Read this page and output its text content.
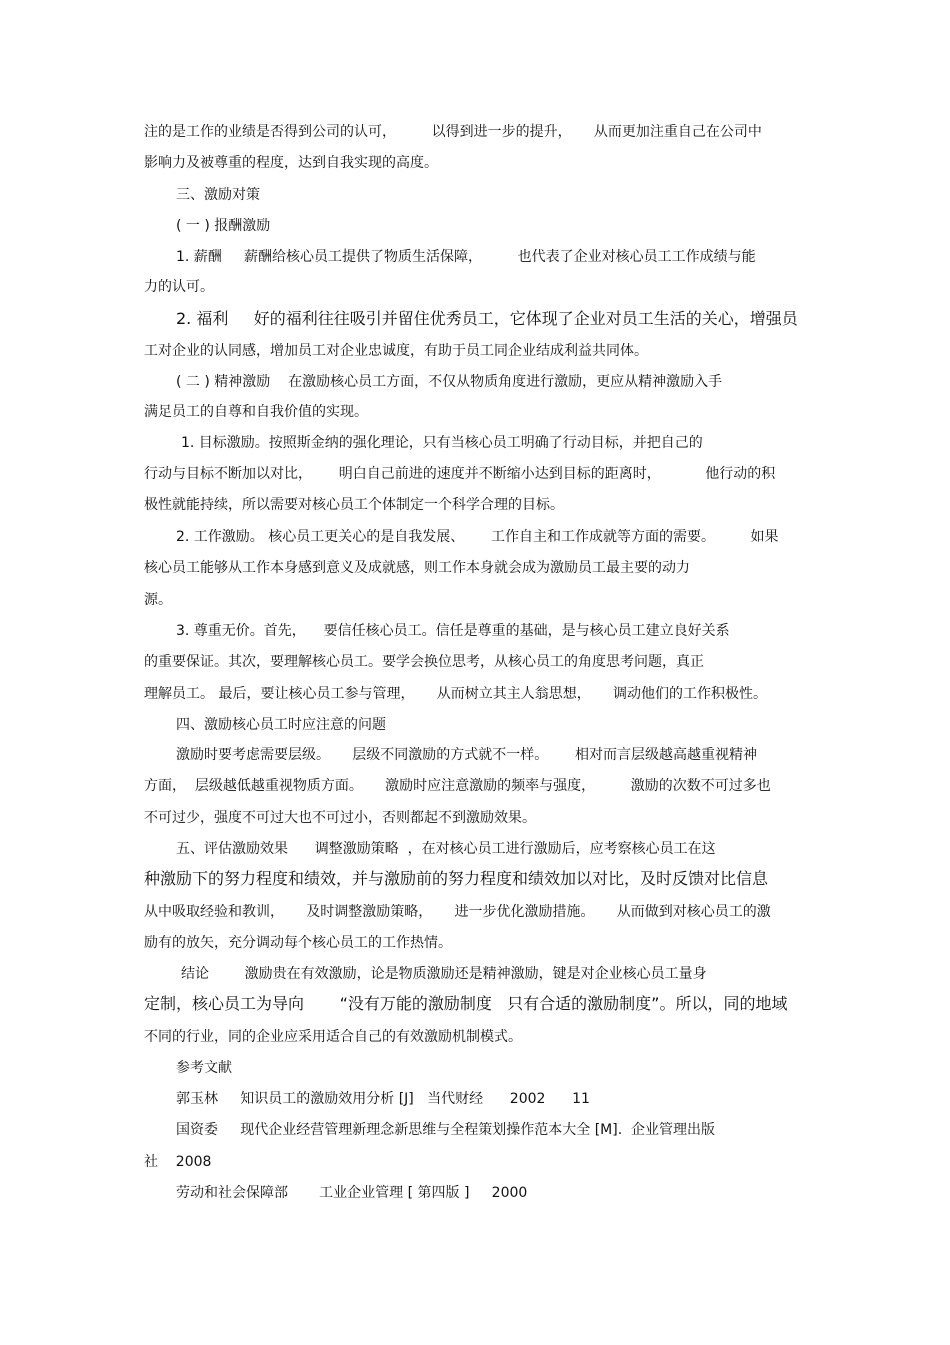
注的是工作的业绩是否得到公司的认可，        以得到进一步的提升，     从而更加注重自己在公司中
影响力及被尊重的程度，达到自我实现的高度。
三、激励对策
( 一 ) 报酬激励
1. 薪酬     薪酬给核心员工提供了物质生活保障，        也代表了企业对核心员工工作成绩与能
力的认可。
2. 福利     好的福利往往吸引并留住优秀员工，它体现了企业对员工生活的关心，增强员
工对企业的认同感，增加员工对企业忠诚度，有助于员工同企业结成利益共同体。
( 二 ) 精神激励    在激励核心员工方面，不仅从物质角度进行激励，更应从精神激励入手
满足员工的自尊和自我价值的实现。
1. 目标激励。按照斯金纳的强化理论，只有当核心员工明确了行动目标，并把自己的
行动与目标不断加以对比，      明白自己前进的速度并不断缩小达到目标的距离时，          他行动的积
极性就能持续，所以需要对核心员工个体制定一个科学合理的目标。
2. 工作激励。 核心员工更关心的是自我发展、      工作自主和工作成就等方面的需要。        如果
核心员工能够从工作本身感到意义及成就感，则工作本身就会成为激励员工最主要的动力
源。
3. 尊重无价。首先，    要信任核心员工。信任是尊重的基础，是与核心员工建立良好关系
的重要保证。其次，要理解核心员工。要学会换位思考，从核心员工的角度思考问题，真正
理解员工。 最后，要让核心员工参与管理，     从而树立其主人翁思想，     调动他们的工作积极性。
四、激励核心员工时应注意的问题
激励时要考虑需要层级。     层级不同激励的方式就不一样。      相对而言层级越高越重视精神
方面，  层级越低越重视物质方面。     激励时应注意激励的频率与强度，        激励的次数不可过多也
不可过少，强度不可过大也不可过小，否则都起不到激励效果。
五、评估激励效果      调整激励策略  ，在对核心员工进行激励后，应考察核心员工在这
种激励下的努力程度和绩效，并与激励前的努力程度和绩效加以对比，及时反馈对比信息
从中吸取经验和教训，     及时调整激励策略，     进一步优化激励措施。     从而做到对核心员工的激
励有的放矢，充分调动每个核心员工的工作热情。
结论        激励贵在有效激励，论是物质激励还是精神激励，键是对企业核心员工量身
定制，核心员工为导向       “没有万能的激励制度   只有合适的激励制度”。所以，同的地域
不同的行业，同的企业应采用适合自己的有效激励机制模式。
参考文献
郭玉林     知识员工的激励效用分析 [J]   当代财经      2002      11
国资委     现代企业经营管理新理念新思维与全程策划操作范本大全 [M].  企业管理出版
社    2008
劳动和社会保障部       工业企业管理 [ 第四版 ]     2000
